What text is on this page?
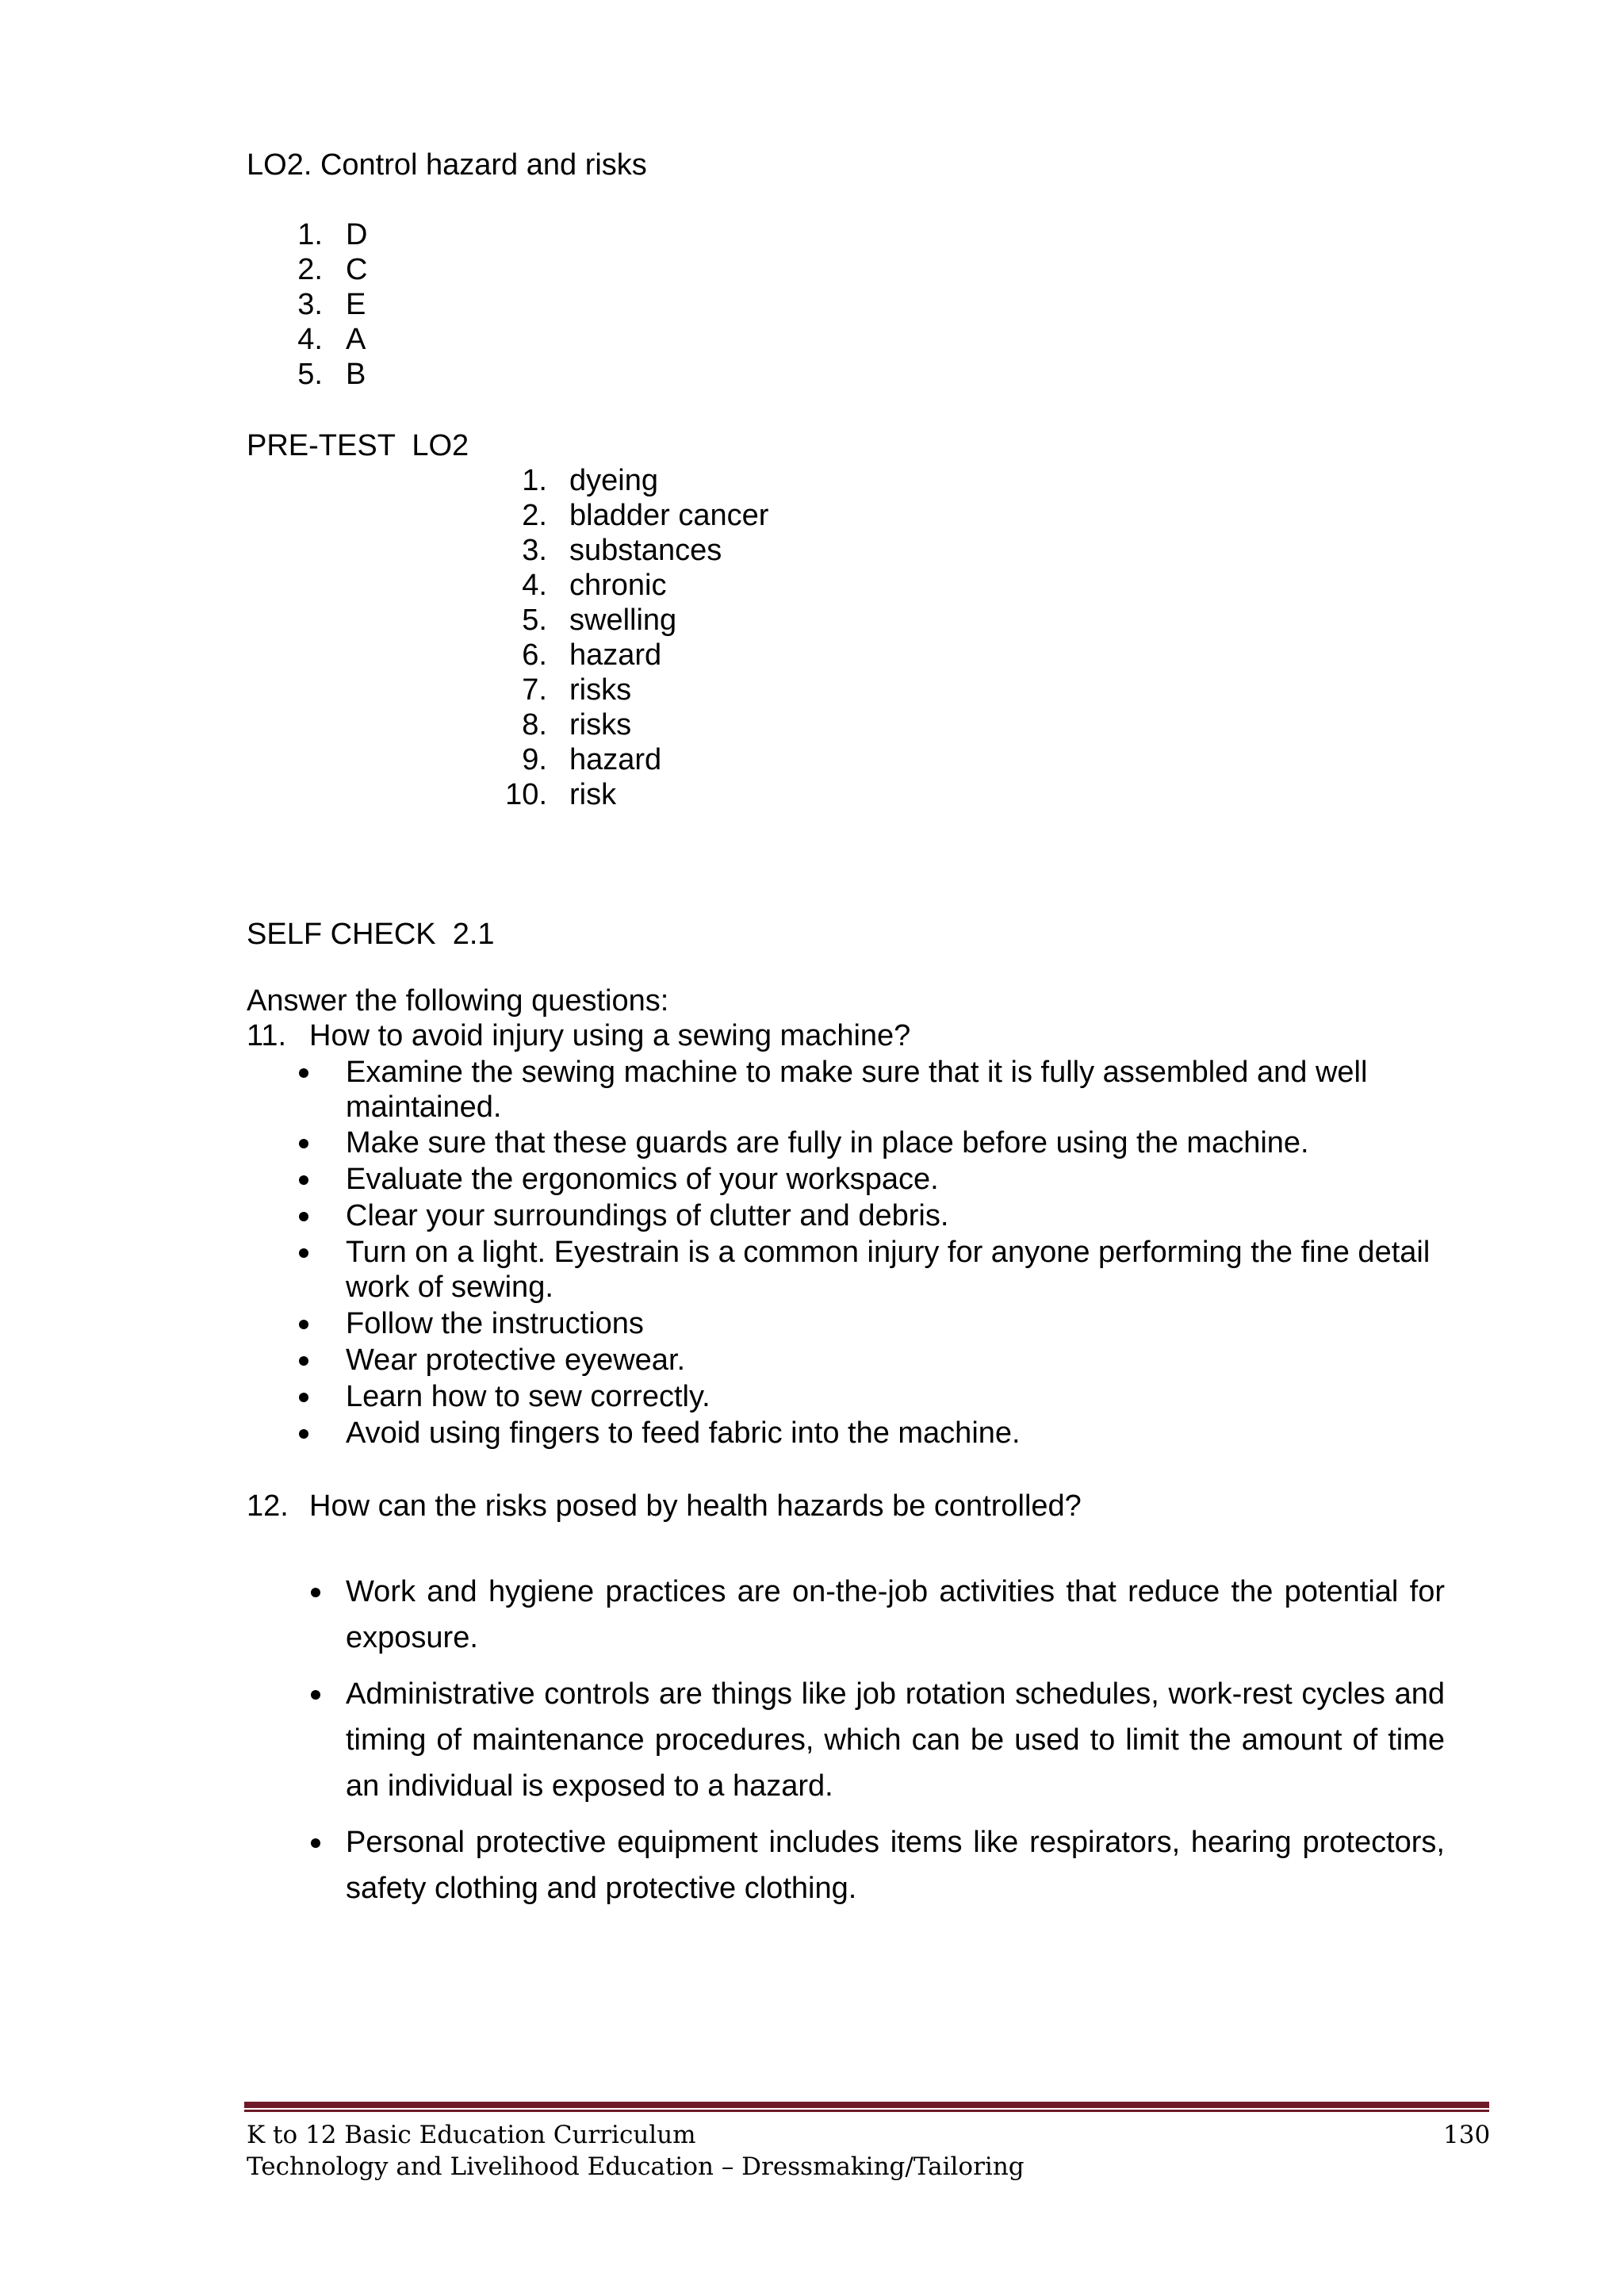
LO2. Control hazard and risks
1. D
2. C
3. E
4. A
5. B
PRE-TEST  LO2
1. dyeing
2. bladder cancer
3. substances
4. chronic
5. swelling
6. hazard
7. risks
8. risks
9. hazard
10. risk
SELF CHECK  2.1
Answer the following questions:
11. How to avoid injury using a sewing machine?
Examine the sewing machine to make sure that it is fully assembled and well maintained.
Make sure that these guards are fully in place before using the machine.
Evaluate the ergonomics of your workspace.
Clear your surroundings of clutter and debris.
Turn on a light. Eyestrain is a common injury for anyone performing the fine detail work of sewing.
Follow the instructions
Wear protective eyewear.
Learn how to sew correctly.
Avoid using fingers to feed fabric into the machine.
12. How can the risks posed by health hazards be controlled?
Work and hygiene practices are on-the-job activities that reduce the potential for exposure.
Administrative controls are things like job rotation schedules, work-rest cycles and timing of maintenance procedures, which can be used to limit the amount of time an individual is exposed to a hazard.
Personal protective equipment includes items like respirators, hearing protectors, safety clothing and protective clothing.
K to 12 Basic Education Curriculum	130
Technology and Livelihood Education – Dressmaking/Tailoring
